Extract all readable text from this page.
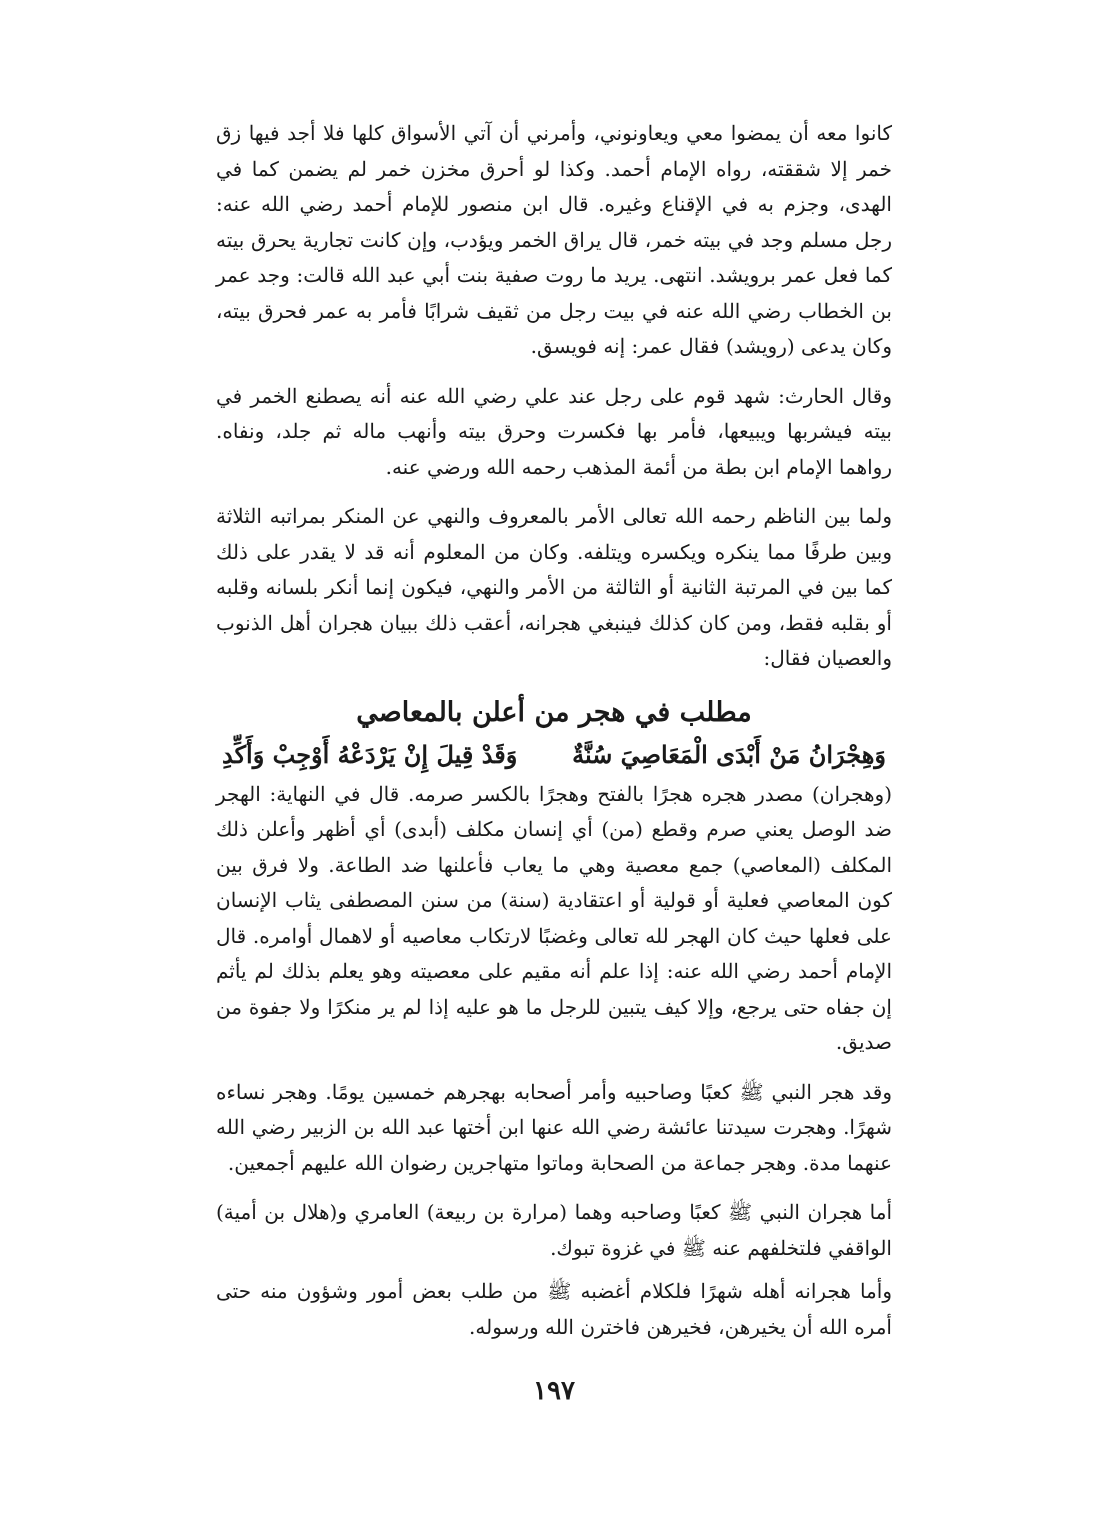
كانوا معه أن يمضوا معي ويعاونوني، وأمرني أن آتي الأسواق كلها فلا أجد فيها زق خمر إلا شققته، رواه الإمام أحمد. وكذا لو أحرق مخزن خمر لم يضمن كما في الهدى، وجزم به في الإقناع وغيره. قال ابن منصور للإمام أحمد رضي الله عنه: رجل مسلم وجد في بيته خمر، قال يراق الخمر ويؤدب، وإن كانت تجارية يحرق بيته كما فعل عمر برويشد. انتهى. يريد ما روت صفية بنت أبي عبد الله قالت: وجد عمر بن الخطاب رضي الله عنه في بيت رجل من ثقيف شرابًا فأمر به عمر فحرق بيته، وكان يدعى (رويشد) فقال عمر: إنه فويسق.

وقال الحارث: شهد قوم على رجل عند علي رضي الله عنه أنه يصطنع الخمر في بيته فيشربها ويبيعها، فأمر بها فكسرت وحرق بيته وأنهب ماله ثم جلد، ونفاه. رواهما الإمام ابن بطة من أئمة المذهب رحمه الله ورضي عنه.

ولما بين الناظم رحمه الله تعالى الأمر بالمعروف والنهي عن المنكر بمراتبه الثلاثة وبين طرفًا مما ينكره ويكسره ويتلفه. وكان من المعلوم أنه قد لا يقدر على ذلك كما بين في المرتبة الثانية أو الثالثة من الأمر والنهي، فيكون إنما أنكر بلسانه وقلبه أو بقلبه فقط، ومن كان كذلك فينبغي هجرانه، أعقب ذلك ببيان هجران أهل الذنوب والعصيان فقال:

مطلب في هجر من أعلن بالمعاصي
وَهِجْرَانُ مَنْ أَبْدَى الْمَعَاصِيَ سُنَّةٌ
وَقَدْ قِيلَ إِنْ يَرْدَعْهُ أَوْجِبْ وَأَكِّدِ

(وهجران) مصدر هجره هجرًا بالفتح وهجرًا بالكسر صرمه. قال في النهاية: الهجر ضد الوصل يعني صرم وقطع (من) أي إنسان مكلف (أبدى) أي أظهر وأعلن ذلك المكلف (المعاصي) جمع معصية وهي ما يعاب فأعلنها ضد الطاعة. ولا فرق بين كون المعاصي فعلية أو قولية أو اعتقادية (سنة) من سنن المصطفى يثاب الإنسان على فعلها حيث كان الهجر لله تعالى وغضبًا لارتكاب معاصيه أو لاهمال أوامره. قال الإمام أحمد رضي الله عنه: إذا علم أنه مقيم على معصيته وهو يعلم بذلك لم يأثم إن جفاه حتى يرجع، وإلا كيف يتبين للرجل ما هو عليه إذا لم ير منكرًا ولا جفوة من صديق.

وقد هجر النبي ﷺ كعبًا وصاحبيه وأمر أصحابه بهجرهم خمسين يومًا. وهجر نساءه شهرًا. وهجرت سيدتنا عائشة رضي الله عنها ابن أختها عبد الله بن الزبير رضي الله عنهما مدة. وهجر جماعة من الصحابة وماتوا متهاجرين رضوان الله عليهم أجمعين.

أما هجران النبي ﷺ كعبًا وصاحبه وهما (مرارة بن ربيعة) العامري و(هلال بن أمية) الواقفي فلتخلفهم عنه ﷺ في غزوة تبوك.

وأما هجرانه أهله شهرًا فلكلام أغضبه ﷺ من طلب بعض أمور وشؤون منه حتى أمره الله أن يخيرهن، فخيرهن فاخترن الله ورسوله.

١٩٧
